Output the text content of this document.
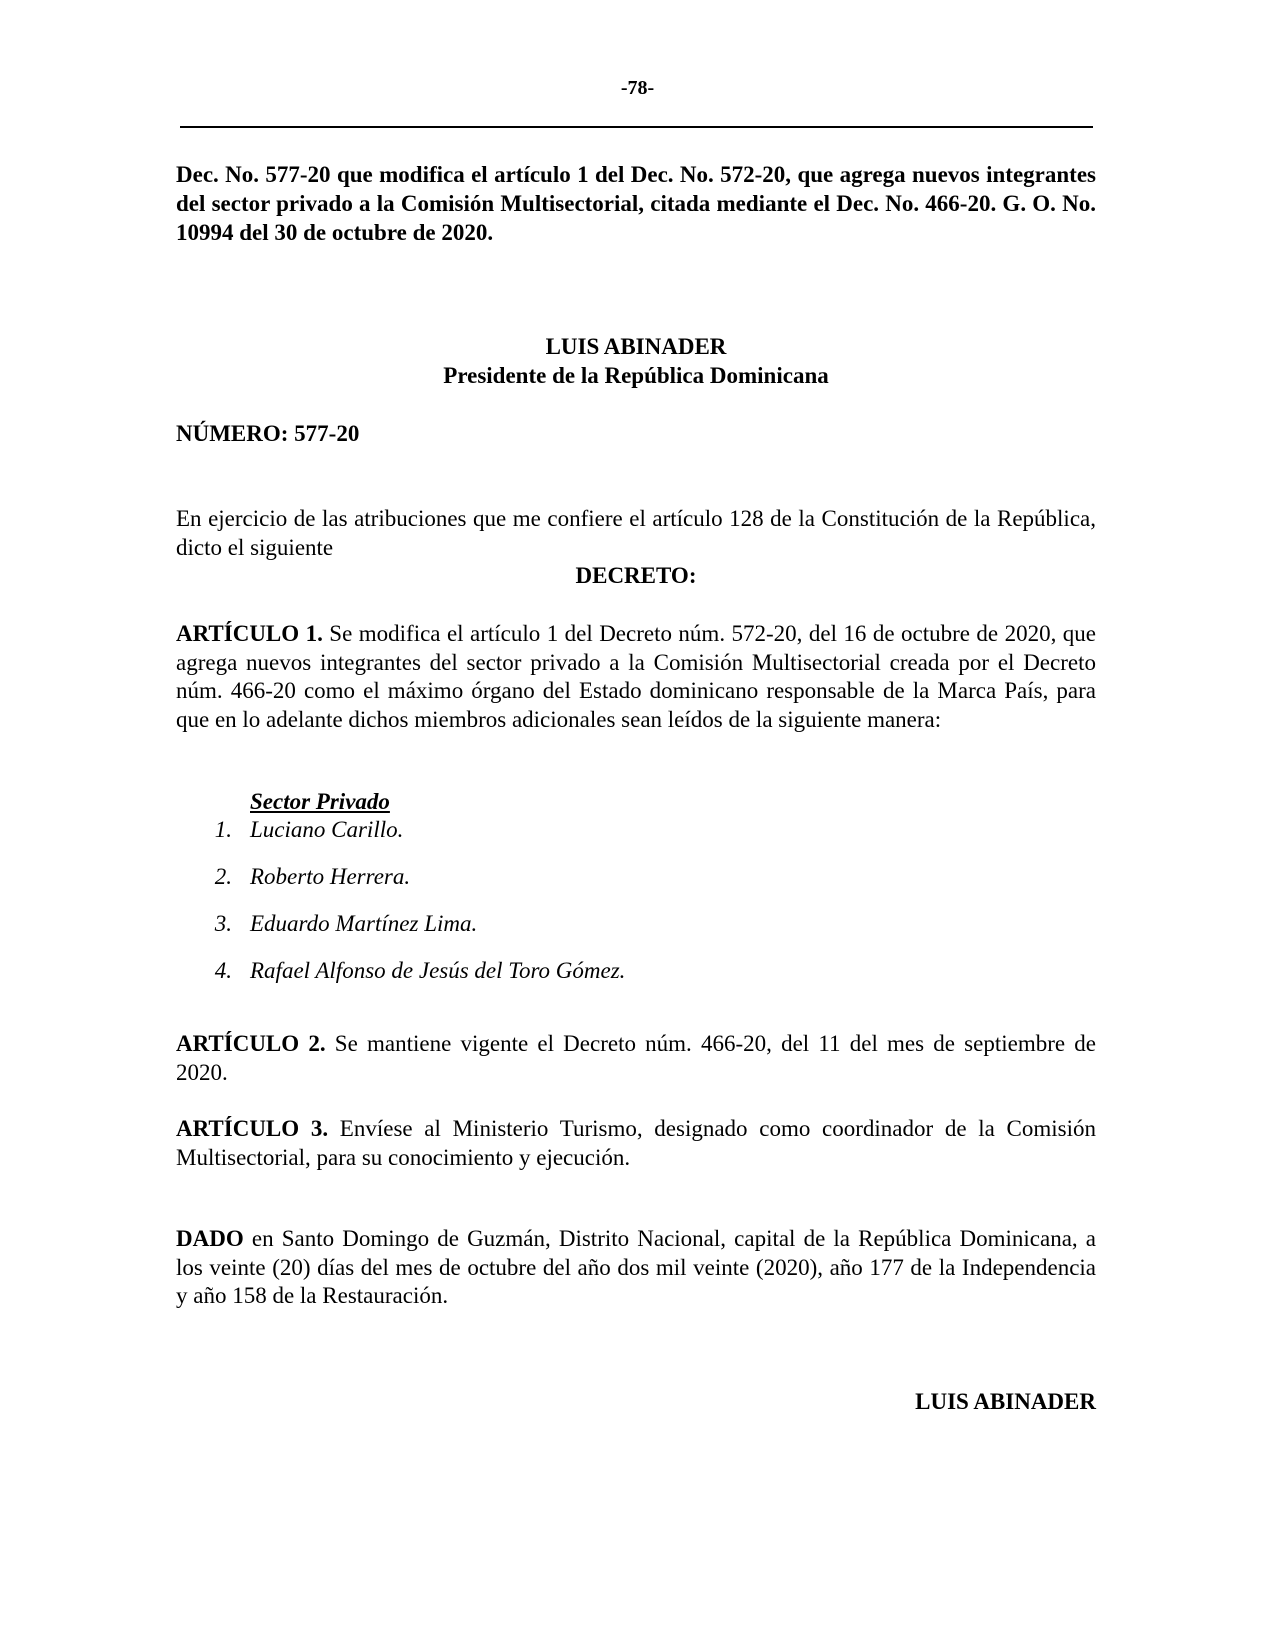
-78-
Dec. No. 577-20 que modifica el artículo 1 del Dec. No. 572-20, que agrega nuevos integrantes del sector privado a la Comisión Multisectorial, citada mediante el Dec. No. 466-20. G. O. No. 10994 del 30 de octubre de 2020.
LUIS ABINADER
Presidente de la República Dominicana
NÚMERO: 577-20
En ejercicio de las atribuciones que me confiere el artículo 128 de la Constitución de la República, dicto el siguiente
DECRETO:
ARTÍCULO 1. Se modifica el artículo 1 del Decreto núm. 572-20, del 16 de octubre de 2020, que agrega nuevos integrantes del sector privado a la Comisión Multisectorial creada por el Decreto núm. 466-20 como el máximo órgano del Estado dominicano responsable de la Marca País, para que en lo adelante dichos miembros adicionales sean leídos de la siguiente manera:
Sector Privado
1. Luciano Carillo.
2. Roberto Herrera.
3. Eduardo Martínez Lima.
4. Rafael Alfonso de Jesús del Toro Gómez.
ARTÍCULO 2. Se mantiene vigente el Decreto núm. 466-20, del 11 del mes de septiembre de 2020.
ARTÍCULO 3. Envíese al Ministerio Turismo, designado como coordinador de la Comisión Multisectorial, para su conocimiento y ejecución.
DADO en Santo Domingo de Guzmán, Distrito Nacional, capital de la República Dominicana, a los veinte (20) días del mes de octubre del año dos mil veinte (2020), año 177 de la Independencia y año 158 de la Restauración.
LUIS ABINADER
